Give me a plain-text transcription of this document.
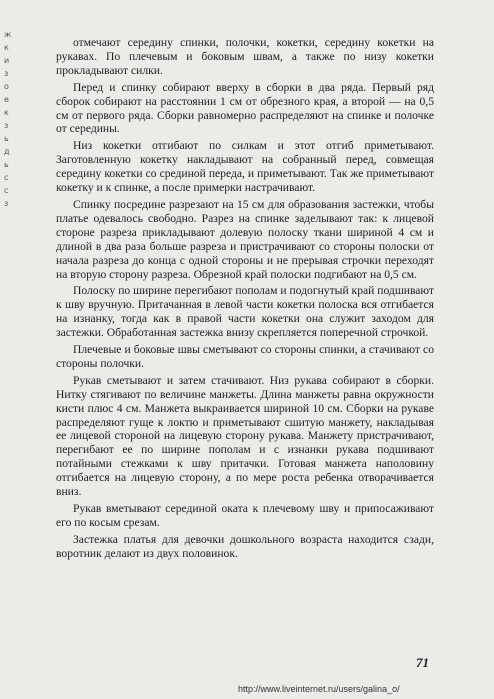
ж
к
и
з
о
е
к
з
ь
д
ь
с
с
з

отмечают середину спинки, полочки, кокетки, середину кокетки на рукавах. По плечевым и боковым швам, а также по низу кокетки прокладывают силки.

Перед и спинку собирают вверху в сборки в два ряда. Первый ряд сборок собирают на расстоянии 1 см от обрезного края, а второй — на 0,5 см от первого ряда. Сборки равномерно распределяют на спинке и полочке от середины.

Низ кокетки отгибают по силкам и этот отгиб приметывают. Заготовленную кокетку накладывают на собранный перед, совмещая середину кокетки со срединой переда, и приметывают. Так же приметывают кокетку и к спинке, а после примерки настрачивают.

Спинку посредине разрезают на 15 см для образования застежки, чтобы платье одевалось свободно. Разрез на спинке заделывают так: к лицевой стороне разреза прикладывают долевую полоску ткани шириной 4 см и длиной в два раза больше разреза и пристрачивают со стороны полоски от начала разреза до конца с одной стороны и не прерывая строчки переходят на вторую сторону разреза. Обрезной край полоски подгибают на 0,5 см.

Полоску по ширине перегибают пополам и подогнутый край подшивают к шву вручную. Притачанная в левой части кокетки полоска вся отгибается на изнанку, тогда как в правой части кокетки она служит заходом для застежки. Обработанная застежка внизу скрепляется поперечной строчкой.

Плечевые и боковые швы сметывают со стороны спинки, а стачивают со стороны полочки.

Рукав сметывают и затем стачивают. Низ рукава собирают в сборки. Нитку стягивают по величине манжеты. Длина манжеты равна окружности кисти плюс 4 см. Манжета выкраивается шириной 10 см. Сборки на рукаве распределяют гуще к локтю и приметывают сшитую манжету, накладывая ее лицевой стороной на лицевую сторону рукава. Манжету пристрачивают, перегибают ее по ширине пополам и с изнанки рукава подшивают потайными стежками к шву притачки. Готовая манжета наполовину отгибается на лицевую сторону, а по мере роста ребенка отворачивается вниз.

Рукав вметывают серединой оката к плечевому шву и припосаживают его по косым срезам.

Застежка платья для девочки дошкольного возраста находится сзади, воротник делают из двух половинок.

71
http://www.liveinternet.ru/users/galina_o/
